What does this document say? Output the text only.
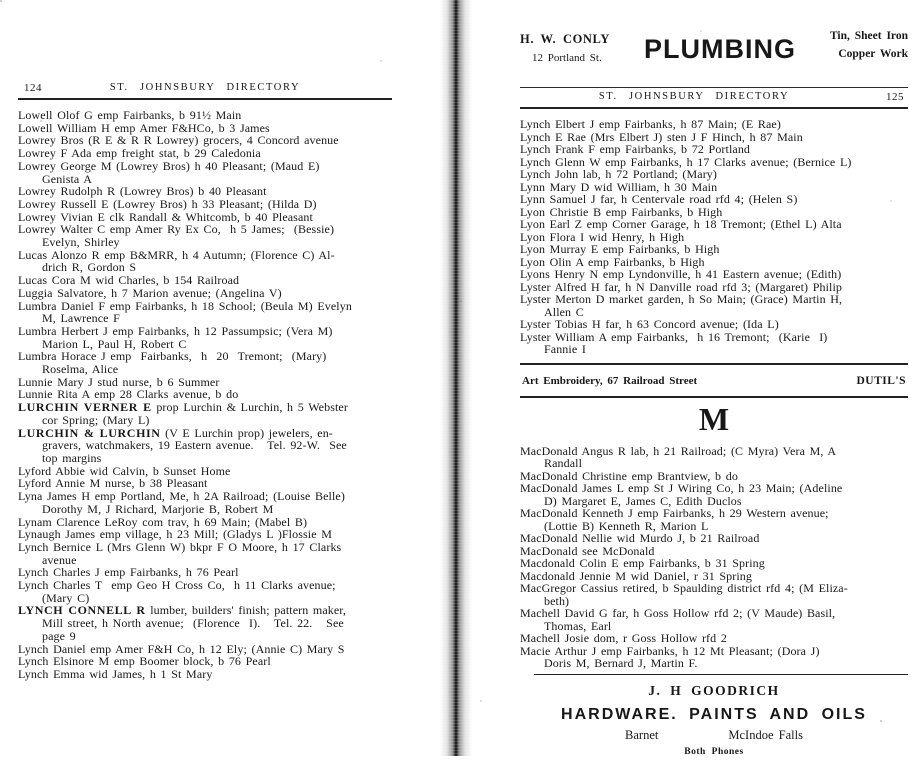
124	ST. JOHNSBURY DIRECTORY
Lowell Olof G emp Fairbanks, b 91½ Main
Lowell William H emp Amer F&HCo, b 3 James
Lowrey Bros (R E & R R Lowrey) grocers, 4 Concord avenue
Lowrey F Ada emp freight stat, b 29 Caledonia
Lowrey George M (Lowrey Bros) h 40 Pleasant; (Maud E)
Genista A
Lowrey Rudolph R (Lowrey Bros) b 40 Pleasant
Lowrey Russell E (Lowrey Bros) h 33 Pleasant; (Hilda D)
Lowrey Vivian E clk Randall & Whitcomb, b 40 Pleasant
Lowrey Walter C emp Amer Ry Ex Co,  h 5 James;  (Bessie)
Evelyn, Shirley
Lucas Alonzo R emp B&MRR, h 4 Autumn; (Florence C) Al-
drich R, Gordon S
Lucas Cora M wid Charles, b 154 Railroad
Luggia Salvatore, h 7 Marion avenue; (Angelina V)
Lumbra Daniel F emp Fairbanks, h 18 School; (Beula M) Evelyn
M, Lawrence F
Lumbra Herbert J emp Fairbanks, h 12 Passumpsic; (Vera M)
Marion L, Paul H, Robert C
Lumbra Horace J emp  Fairbanks,  h  20  Tremont;  (Mary)
Roselma, Alice
Lunnie Mary J stud nurse, b 6 Summer
Lunnie Rita A emp 28 Clarks avenue, b do
LURCHIN VERNER E prop Lurchin & Lurchin, h 5 Webster
cor Spring; (Mary L)
LURCHIN & LURCHIN (V E Lurchin prop) jewelers, en-
gravers, watchmakers, 19 Eastern avenue.   Tel. 92-W.  See
top margins
Lyford Abbie wid Calvin, b Sunset Home
Lyford Annie M nurse, b 38 Pleasant
Lyna James H emp Portland, Me, h 2A Railroad; (Louise Belle)
Dorothy M, J Richard, Marjorie B, Robert M
Lynam Clarence LeRoy com trav, h 69 Main; (Mabel B)
Lynaugh James emp village, h 23 Mill; (Gladys L )Flossie M
Lynch Bernice L (Mrs Glenn W) bkpr F O Moore, h 17 Clarks
avenue
Lynch Charles J emp Fairbanks, h 76 Pearl
Lynch Charles T  emp Geo H Cross Co,  h 11 Clarks avenue;
(Mary C)
LYNCH CONNELL R lumber, builders' finish; pattern maker,
Mill street, h North avenue;  (Florence  I).   Tel. 22.   See
page 9
Lynch Daniel emp Amer F&H Co, h 12 Ely; (Annie C) Mary S
Lynch Elsinore M emp Boomer block, b 76 Pearl
Lynch Emma wid James, h 1 St Mary
H. W. CONLY
12 Portland St.	PLUMBING	Tin, Sheet Iron
Copper Work
ST. JOHNSBURY DIRECTORY	125
Lynch Elbert J emp Fairbanks, h 87 Main; (E Rae)
Lynch E Rae (Mrs Elbert J) sten J F Hinch, h 87 Main
Lynch Frank F emp Fairbanks, b 72 Portland
Lynch Glenn W emp Fairbanks, h 17 Clarks avenue; (Bernice L)
Lynch John lab, h 72 Portland; (Mary)
Lynn Mary D wid William, h 30 Main
Lynn Samuel J far, h Centervale road rfd 4; (Helen S)
Lyon Christie B emp Fairbanks, b High
Lyon Earl Z emp Corner Garage, h 18 Tremont; (Ethel L) Alta
Lyon Flora I wid Henry, h High
Lyon Murray E emp Fairbanks, b High
Lyon Olin A emp Fairbanks, b High
Lyons Henry N emp Lyndonville, h 41 Eastern avenue; (Edith)
Lyster Alfred H far, h N Danville road rfd 3; (Margaret) Philip
Lyster Merton D market garden, h So Main; (Grace) Martin H,
Allen C
Lyster Tobias H far, h 63 Concord avenue; (Ida L)
Lyster William A emp Fairbanks,  h 16 Tremont;  (Karie  I)
Fannie I
Art Embroidery, 67 Railroad Street	DUTIL'S
M
MacDonald Angus R lab, h 21 Railroad; (C Myra) Vera M, A
Randall
MacDonald Christine emp Brantview, b do
MacDonald James L emp St J Wiring Co, h 23 Main; (Adeline
D) Margaret E, James C, Edith Duclos
MacDonald Kenneth J emp Fairbanks, h 29 Western avenue;
(Lottie B) Kenneth R, Marion L
MacDonald Nellie wid Murdo J, b 21 Railroad
MacDonald see McDonald
Macdonald Colin E emp Fairbanks, b 31 Spring
Macdonald Jennie M wid Daniel, r 31 Spring
MacGregor Cassius retired, b Spaulding district rfd 4; (M Eliza-
beth)
Machell David G far, h Goss Hollow rfd 2; (V Maude) Basil,
Thomas, Earl
Machell Josie dom, r Goss Hollow rfd 2
Macie Arthur J emp Fairbanks, h 12 Mt Pleasant; (Dora J)
Doris M, Bernard J, Martin F.
J. H GOODRICH
HARDWARE. PAINTS AND OILS
Barnet	McIndoe Falls
Both Phones
